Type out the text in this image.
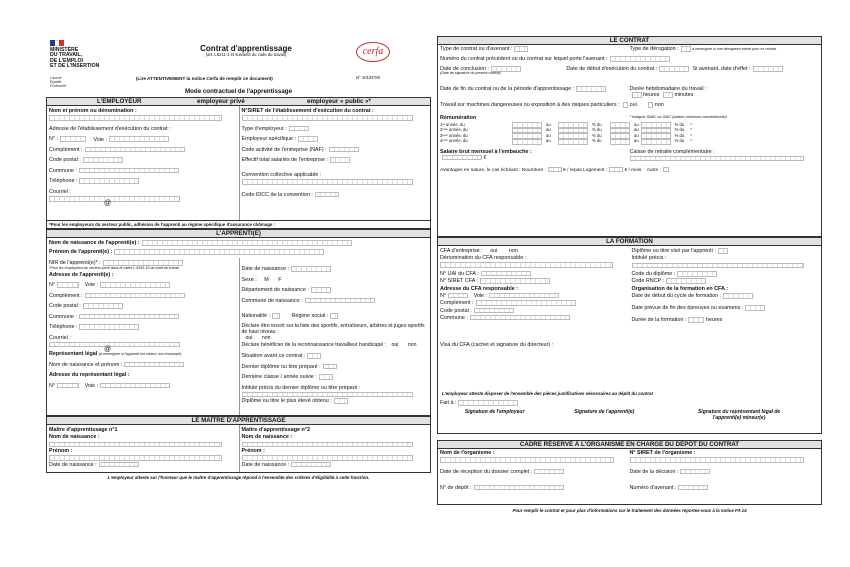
MINISTÈRE
DU TRAVAIL,
DE L'EMPLOI
ET DE L'INSERTION
Liberté
Égalité
Fraternité
Contrat d'apprentissage
(art. L6211-1 et suivants du code du travail)
(Lire ATTENTIVEMENT la notice Cerfa de remplir ce document)
cerfa
N° 10103*09
Mode contractuel de l'apprentissage
L'EMPLOYEUR	employeur privé	employeur « public »*
Nom et prénom ou dénomination :
Adresse de l'établissement d'exécution du contrat :
N° :	Voie :
Complément :
Code postal :
Commune :
Téléphone :
Courriel :
@
N°SIRET de l'établissement d'exécution du contrat :
Type d'employeur :
Employeur spécifique :
Code activité de l'entreprise (NAF) :
Effectif total salariés de l'entreprise :
Convention collective applicable :
Code IDCC de la convention :
*Pour les employeurs du secteur public, adhésion de l'apprenti au régime spécifique d'assurance chômage :
L'APPRENTI(E)
Nom de naissance de l'apprenti(e) :
Prénom de l'apprenti(e) :
NIR de l'apprenti(e)* :
*Pour les employeurs du secteur privé dans le cadre L.6353-10 du code du travail
Adresse de l'apprenti(e) :
N°	Voie :
Complément :
Code postal :
Commune :
Téléphone :
Courriel :
@
Représentant légal (à renseigner si l'apprenti est mineur non émancipé)
Nom de naissance et prénom :
Adresse du représentant légal :
N°	Voie :
Date de naissance :
Sexe : M F
Département de naissance :
Commune de naissance :
Nationalité :	Régime social :
Déclare être inscrit sur la liste des sportifs, entraîneurs, arbitres et juges sportifs de haut niveau :
oui non
Déclare bénéficier de la reconnaissance travailleur handicapé : oui non
Situation avant ce contrat :
Dernier diplôme ou titre préparé :
Dernière classe / année suivie :
Intitulé précis du dernier diplôme ou titre préparé :
Diplôme ou titre le plus élevé obtenu :
LE MAÎTRE D'APPRENTISSAGE
Maître d'apprentissage n°1
Nom de naissance :
Prénom :
Date de naissance :
Maître d'apprentissage n°2
Nom de naissance :
Prénom :
Date de naissance :
L'employeur atteste sur l'honneur que le maître d'apprentissage répond à l'ensemble des critères d'éligibilité à cette fonction.
LE CONTRAT
Type de contrat ou d'avenant :	Type de dérogation :	à renseigner si une dérogation existe pour ce contrat
Numéro du contrat précédent ou du contrat sur lequel porte l'avenant :
Date de conclusion :
(Date de signature du présent contrat)
Date de début d'exécution du contrat :	Si avenant, date d'effet :
Date de fin du contrat ou de la période d'apprentissage :	Durée hebdomadaire du travail :
heures	minutes
Travail sur machines dangereuses ou exposition à des risques particuliers : oui	non
Rémunération	* Indiquer SMIC ou SMC (salaire minimum conventionnel)
1ʳᵉ année, du	au	% du	au	% du *
2ᵉᵐᵉ année, du	au	% du	au	% du *
3ᵉᵐᵉ année, du	au	% du	au	% du *
4ᵉᵐᵉ année, du	au	% du	au	% du *
Salaire brut mensuel à l'embauche :
€
Caisse de retraite complémentaire :
Avantages en nature, le cas échéant : Nourriture :	€ / repas Logement :	€ / mois Autre :
LA FORMATION
CFA d'entreprise : oui non
Dénomination du CFA responsable :
N° UAI du CFA :
N° SIRET CFA :
Adresse du CFA responsable :
N°	Voie :
Complément :
Code postal :
Commune :
Diplôme ou titre visé par l'apprenti :
Intitulé précis :
Code du diplôme :
Code RNCP :
Organisation de la formation en CFA :
Date de début du cycle de formation :
Date prévue de fin des épreuves ou examens :
Durée de la formation :	heures
Visa du CFA (cachet et signature du directeur) :
L'employeur atteste disposer de l'ensemble des pièces justificatives nécessaires au dépôt du contrat
Fait à :
Signature de l'employeur	Signature de l'apprenti(e)	Signature du représentant légal de l'apprenti(e) mineur(e)
CADRE RÉSERVÉ À L'ORGANISME EN CHARGE DU DÉPÔT DU CONTRAT
Nom de l'organisme :	N° SIRET de l'organisme :
Date de réception du dossier complet :	Date de la décision :
N° de dépôt :	Numéro d'avenant :
Pour remplir le contrat et pour plus d'informations sur le traitement des données reportez-vous à la notice FA 14
